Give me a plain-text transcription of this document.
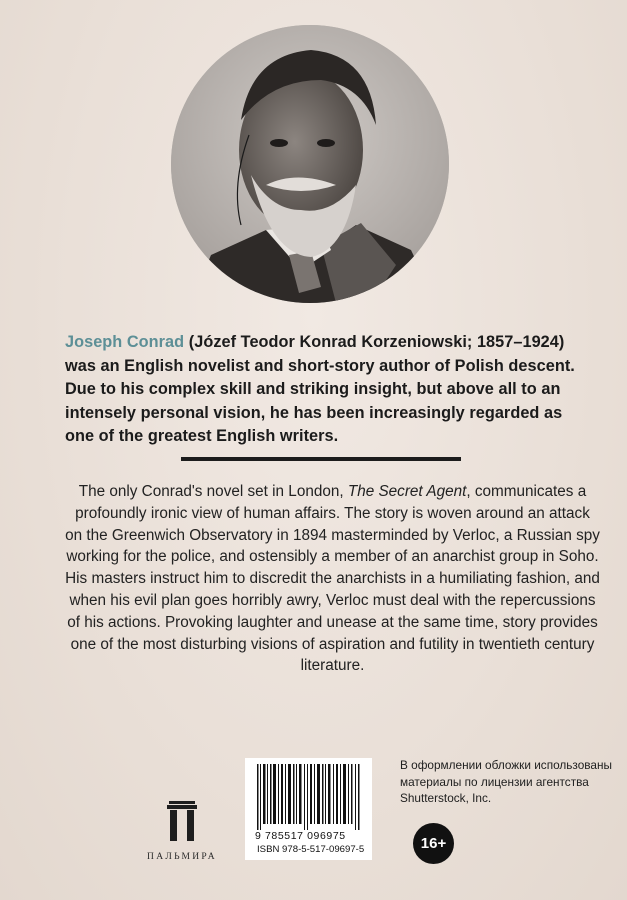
Joseph Conrad (Józef Teodor Konrad Korzeniowski; 1857–1924) was an English novelist and short-story author of Polish descent. Due to his complex skill and striking insight, but above all to an intensely personal vision, he has been increasingly regarded as one of the greatest English writers.

The only Conrad's novel set in London, The Secret Agent, communicates a profoundly ironic view of human affairs. The story is woven around an attack on the Greenwich Observatory in 1894 masterminded by Verloc, a Russian spy working for the police, and ostensibly a member of an anarchist group in Soho. His masters instruct him to discredit the anarchists in a humiliating fashion, and when his evil plan goes horribly awry, Verloc must deal with the repercussions of his actions. Provoking laughter and unease at the same time, story provides one of the most disturbing visions of aspiration and futility in twentieth century literature.

ПАЛЬМИРА
9 785517 096975
ISBN 978-5-517-09697-5

В оформлении обложки использованы материалы по лицензии агентства Shutterstock, Inc.

16+
